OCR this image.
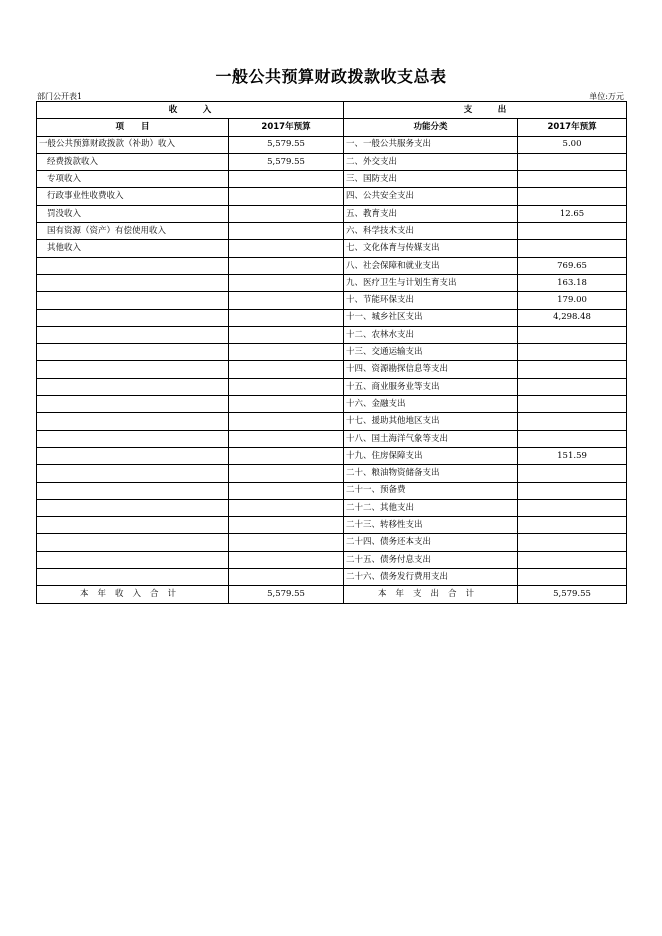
一般公共预算财政拨款收支总表
部门公开表1	单位:万元
收　　　入		支　　　出	
项　　目	2017年预算	功能分类	2017年预算
一般公共预算财政拨款（补助）收入	5,579.55	一、一般公共服务支出	5.00
经费拨款收入	5,579.55	二、外交支出	
专项收入		三、国防支出	
行政事业性收费收入		四、公共安全支出	
罚没收入		五、教育支出	12.65
国有资源（资产）有偿使用收入		六、科学技术支出	
其他收入		七、文化体育与传媒支出	
		八、社会保障和就业支出	769.65
		九、医疗卫生与计划生育支出	163.18
		十、节能环保支出	179.00
		十一、城乡社区支出	4,298.48
		十二、农林水支出	
		十三、交通运输支出	
		十四、资源勘探信息等支出	
		十五、商业服务业等支出	
		十六、金融支出	
		十七、援助其他地区支出	
		十八、国土海洋气象等支出	
		十九、住房保障支出	151.59
		二十、粮油物资储备支出	
		二十一、预备费	
		二十二、其他支出	
		二十三、转移性支出	
		二十四、债务还本支出	
		二十五、债务付息支出	
		二十六、债务发行费用支出	
本年收入合计	5,579.55	本年支出合计	5,579.55
